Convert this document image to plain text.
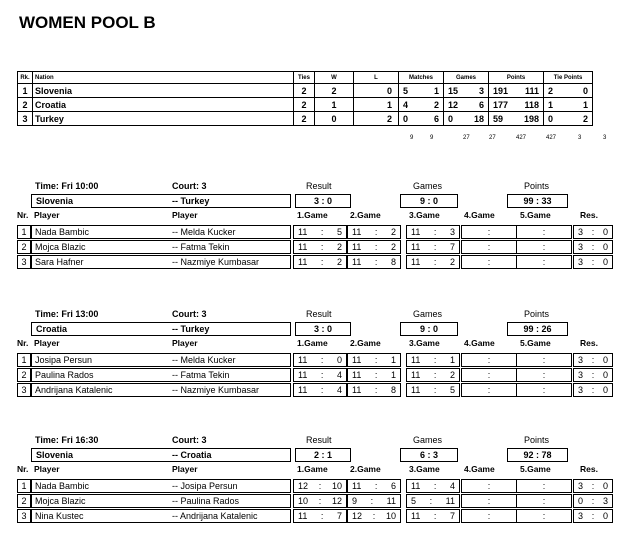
WOMEN POOL B
Rk.	Nation	Ties	W	L	Matches	Games	Points	Tie Points
1	Slovenia	2	2	0	5 1	15 3	191 111	2 0

2	Croatia	2	1	1	4 2	12 6	177 118	1 1

3	Turkey	2	0	2	0 6	0 18	59 198	0 2
9	9	27	27	427	427	3	3
Time: Fri 10:00	Court: 3	Result	Games	Points
Slovenia	-- Turkey	3 : 0	9 : 0	99 : 33
Nr. Player	Player	1.Game	2.Game	3.Game	4.Game	5.Game	Res.
1 Nada Bambic	-- Melda Kucker	11 : 5 11 : 2 11 : 3	:	:	3 : 0
2 Mojca Blazic	-- Fatma Tekin	11 : 2 11 : 2 11 : 7	:	:	3 : 0
3 Sara Hafner	-- Nazmiye Kumbasar	11 : 2 11 : 8 11 : 2	:	:	3 : 0
Time: Fri 13:00	Court: 3	Result	Games	Points
Croatia	-- Turkey	3 : 0	9 : 0	99 : 26
Nr. Player	Player	1.Game	2.Game	3.Game	4.Game	5.Game	Res.
1 Josipa Persun	-- Melda Kucker	11 : 0 11 : 1 11 : 1	:	:	3 : 0
2 Paulina Rados	-- Fatma Tekin	11 : 4 11 : 1 11 : 2	:	:	3 : 0
3 Andrijana Katalenic	-- Nazmiye Kumbasar	11 : 4 11 : 8 11 : 5	:	:	3 : 0
Time: Fri 16:30	Court: 3	Result	Games	Points
Slovenia	-- Croatia	2 : 1	6 : 3	92 : 78
Nr. Player	Player	1.Game	2.Game	3.Game	4.Game	5.Game	Res.
1 Nada Bambic	-- Josipa Persun	12 : 10 11 : 6 11 : 4	:	:	3 : 0
2 Mojca Blazic	-- Paulina Rados	10 : 12 9 : 11 5 : 11	:	:	0 : 3
3 Nina Kustec	-- Andrijana Katalenic	11 : 7 12 : 10 11 : 7	:	:	3 : 0
